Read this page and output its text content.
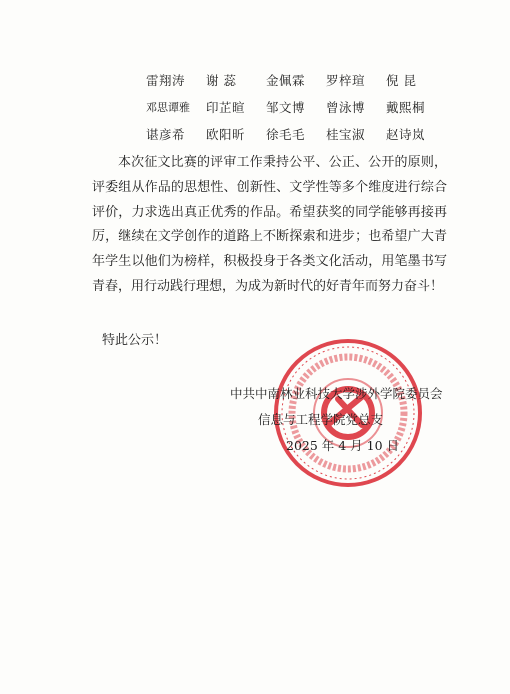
雷翔涛	谢 蕊	金佩霖	罗梓瑄	倪 昆
邓思谭雅	印芷暄	邹文博	曾泳博	戴熙桐
谌彦希	欧阳昕	徐毛毛	桂宝淑	赵诗岚

本次征文比赛的评审工作秉持公平、公正、公开的原则，评委组从作品的思想性、创新性、文学性等多个维度进行综合评价，力求选出真正优秀的作品。希望获奖的同学能够再接再厉，继续在文学创作的道路上不断探索和进步；也希望广大青年学生以他们为榜样，积极投身于各类文化活动，用笔墨书写青春，用行动践行理想，为成为新时代的好青年而努力奋斗！

特此公示！
中共中南林业科技大学涉外学院委员会
信息与工程学院党总支
2025 年 4 月 10 日
